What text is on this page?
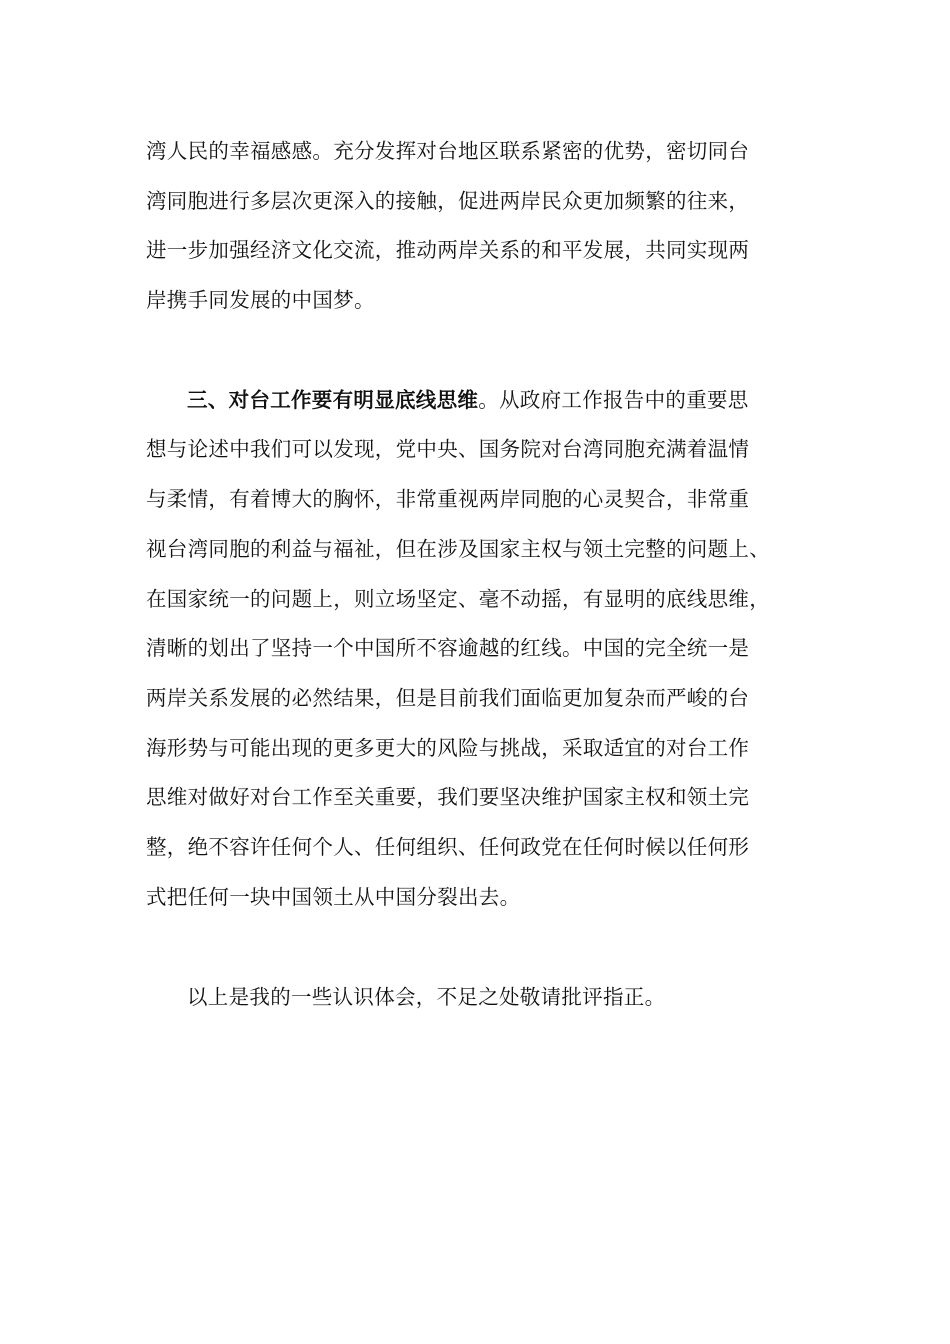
湾人民的幸福感感。充分发挥对台地区联系紧密的优势，密切同台
湾同胞进行多层次更深入的接触，促进两岸民众更加频繁的往来，
进一步加强经济文化交流，推动两岸关系的和平发展，共同实现两
岸携手同发展的中国梦。
三、对台工作要有明显底线思维。从政府工作报告中的重要思
想与论述中我们可以发现，党中央、国务院对台湾同胞充满着温情
与柔情，有着博大的胸怀，非常重视两岸同胞的心灵契合，非常重
视台湾同胞的利益与福祉，但在涉及国家主权与领土完整的问题上、
在国家统一的问题上，则立场坚定、毫不动摇，有显明的底线思维，
清晰的划出了坚持一个中国所不容逾越的红线。中国的完全统一是
两岸关系发展的必然结果，但是目前我们面临更加复杂而严峻的台
海形势与可能出现的更多更大的风险与挑战，采取适宜的对台工作
思维对做好对台工作至关重要，我们要坚决维护国家主权和领土完
整，绝不容许任何个人、任何组织、任何政党在任何时候以任何形
式把任何一块中国领土从中国分裂出去。
以上是我的一些认识体会，不足之处敬请批评指正。
